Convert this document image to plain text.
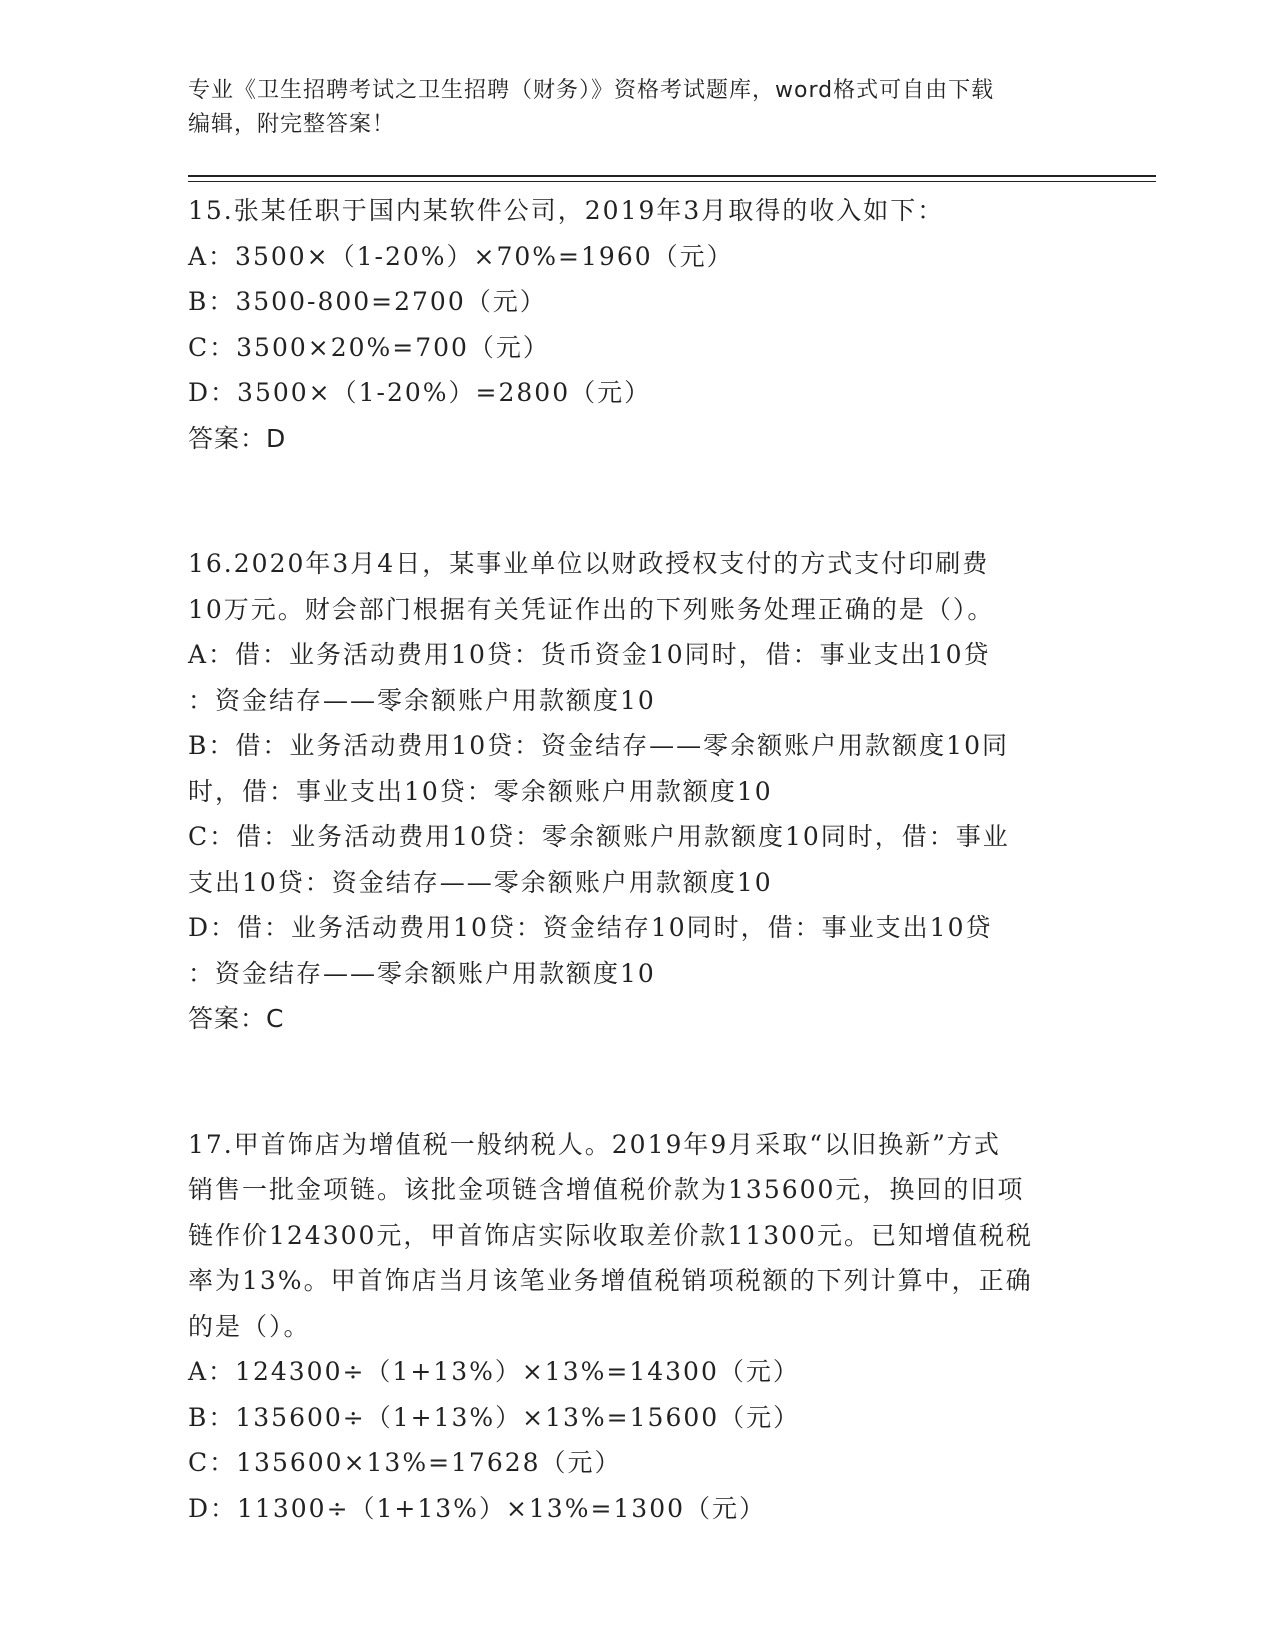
专业《卫生招聘考试之卫生招聘（财务）》资格考试题库，word格式可自由下载
编辑，附完整答案！
15.张某任职于国内某软件公司，2019年3月取得的收入如下：
A：3500×（1-20%）×70%=1960（元）
B：3500-800=2700（元）
C：3500×20%=700（元）
D：3500×（1-20%）=2800（元）
答案：D
16.2020年3月4日，某事业单位以财政授权支付的方式支付印刷费
10万元。财会部门根据有关凭证作出的下列账务处理正确的是（）。
A：借：业务活动费用10贷：货币资金10同时，借：事业支出10贷
：资金结存——零余额账户用款额度10
B：借：业务活动费用10贷：资金结存——零余额账户用款额度10同
时，借：事业支出10贷：零余额账户用款额度10
C：借：业务活动费用10贷：零余额账户用款额度10同时，借：事业
支出10贷：资金结存——零余额账户用款额度10
D：借：业务活动费用10贷：资金结存10同时，借：事业支出10贷
：资金结存——零余额账户用款额度10
答案：C
17.甲首饰店为增值税一般纳税人。2019年9月采取“以旧换新”方式
销售一批金项链。该批金项链含增值税价款为135600元，换回的旧项
链作价124300元，甲首饰店实际收取差价款11300元。已知增值税税
率为13%。甲首饰店当月该笔业务增值税销项税额的下列计算中，正确
的是（）。
A：124300÷（1+13%）×13%=14300（元）
B：135600÷（1+13%）×13%=15600（元）
C：135600×13%=17628（元）
D：11300÷（1+13%）×13%=1300（元）
